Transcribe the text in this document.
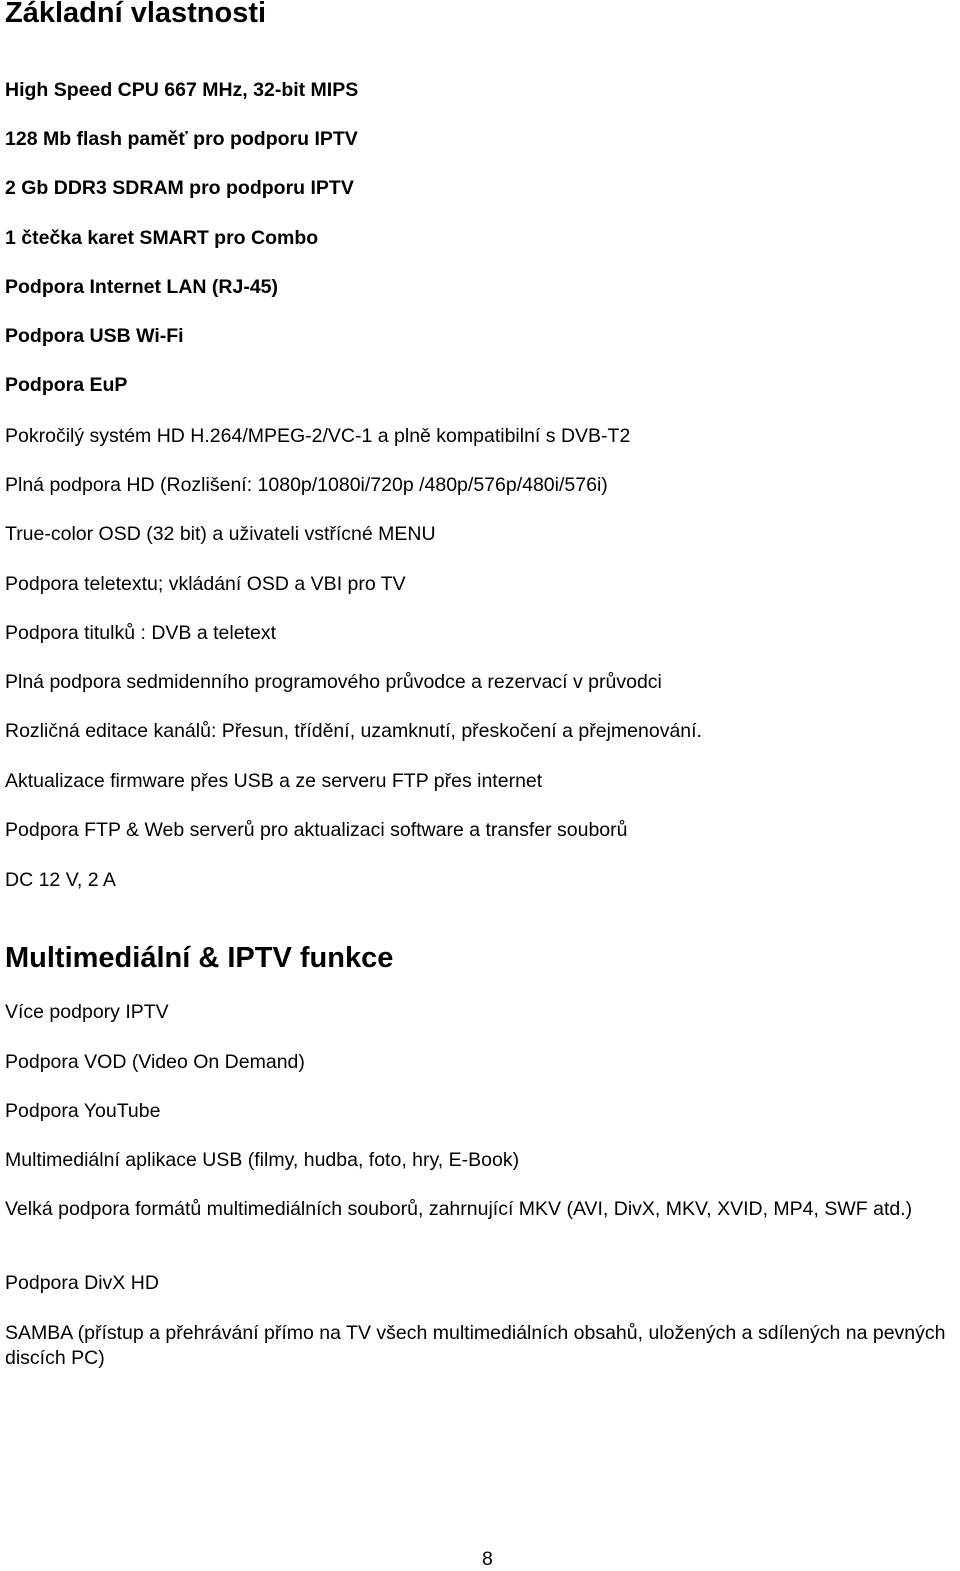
Základní vlastnosti

High Speed CPU 667 MHz, 32-bit MIPS

128 Mb flash paměť pro podporu IPTV

2 Gb DDR3 SDRAM pro podporu IPTV

1 čtečka karet SMART pro Combo

Podpora Internet LAN (RJ-45)

Podpora USB Wi-Fi

Podpora EuP

Pokročilý systém HD H.264/MPEG-2/VC-1 a plně kompatibilní s DVB-T2

Plná podpora HD (Rozlišení: 1080p/1080i/720p /480p/576p/480i/576i)

True-color OSD (32 bit) a uživateli vstřícné MENU

Podpora teletextu; vkládání OSD a VBI pro TV

Podpora titulků : DVB a teletext

Plná podpora sedmidenního programového průvodce a rezervací v průvodci

Rozličná editace kanálů: Přesun, třídění, uzamknutí, přeskočení a přejmenování.

Aktualizace firmware přes USB a ze serveru FTP přes internet

Podpora FTP & Web serverů pro aktualizaci software a transfer souborů

DC 12 V, 2 A

Multimediální & IPTV funkce

Více podpory IPTV

Podpora VOD (Video On Demand)

Podpora YouTube

Multimediální aplikace USB (filmy, hudba, foto, hry, E-Book)

Velká podpora formátů multimediálních souborů, zahrnující MKV (AVI, DivX, MKV, XVID, MP4, SWF atd.)

Podpora DivX HD

SAMBA (přístup a přehrávání přímo na TV všech multimediálních obsahů, uložených a sdílených na pevných discích PC)

8
